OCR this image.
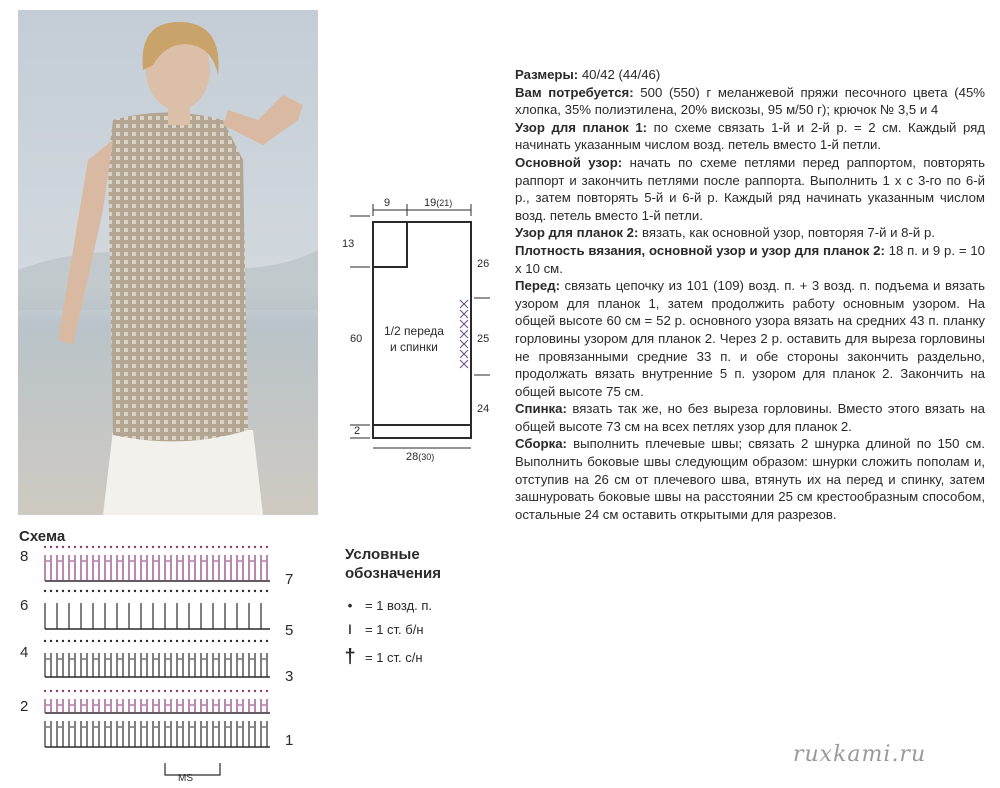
9	19(21)
13
60
2
26
25
24
28(30)
1/2 переда
и спинки
Схема
8
6
4
2
7
5
3
1
MS
Условные
обозначения
• = 1 возд. п.
ǀ	= 1 ст. б/н
† = 1 ст. с/н

Размеры: 40/42 (44/46)

Вам потребуется: 500 (550) г меланжевой пряжи песочного цвета (45% хлопка, 35% полиэтилена, 20% вискозы, 95 м/50 г); крючок № 3,5 и 4

Узор для планок 1: по схеме связать 1-й и 2-й р. = 2 см. Каждый ряд начинать указанным числом возд. петель вместо 1-й петли.

Основной узор: начать по схеме петлями перед раппортом, повторять раппорт и закончить петлями после раппорта. Выполнить 1 х с 3-го по 6-й р., затем повторять 5-й и 6-й р. Каждый ряд начинать указанным числом возд. петель вместо 1-й петли.

Узор для планок 2: вязать, как основной узор, повторяя 7-й и 8-й р.

Плотность вязания, основной узор и узор для планок 2: 18 п. и 9 р. = 10 х 10 см.

Перед: связать цепочку из 101 (109) возд. п. + 3 возд. п. подъема и вязать узором для планок 1, затем продолжить работу основным узором. На общей высоте 60 см = 52 р. основного узора вязать на средних 43 п. планку горловины узором для планок 2. Через 2 р. оставить для выреза горловины не провязанными средние 33 п. и обе стороны закончить раздельно, продолжать вязать внутренние 5 п. узором для планок 2. Закончить на общей высоте 75 см.

Спинка: вязать так же, но без выреза горловины. Вместо этого вязать на общей высоте 73 см на всех петлях узор для планок 2.

Сборка: выполнить плечевые швы; связать 2 шнурка длиной по 150 см. Выполнить боковые швы следующим образом: шнурки сложить пополам и, отступив на 26 см от плечевого шва, втянуть их на перед и спинку, затем зашнуровать боковые швы на расстоянии 25 см крестообразным способом, остальные 24 см оставить открытыми для разрезов.

ruxkami.ru
